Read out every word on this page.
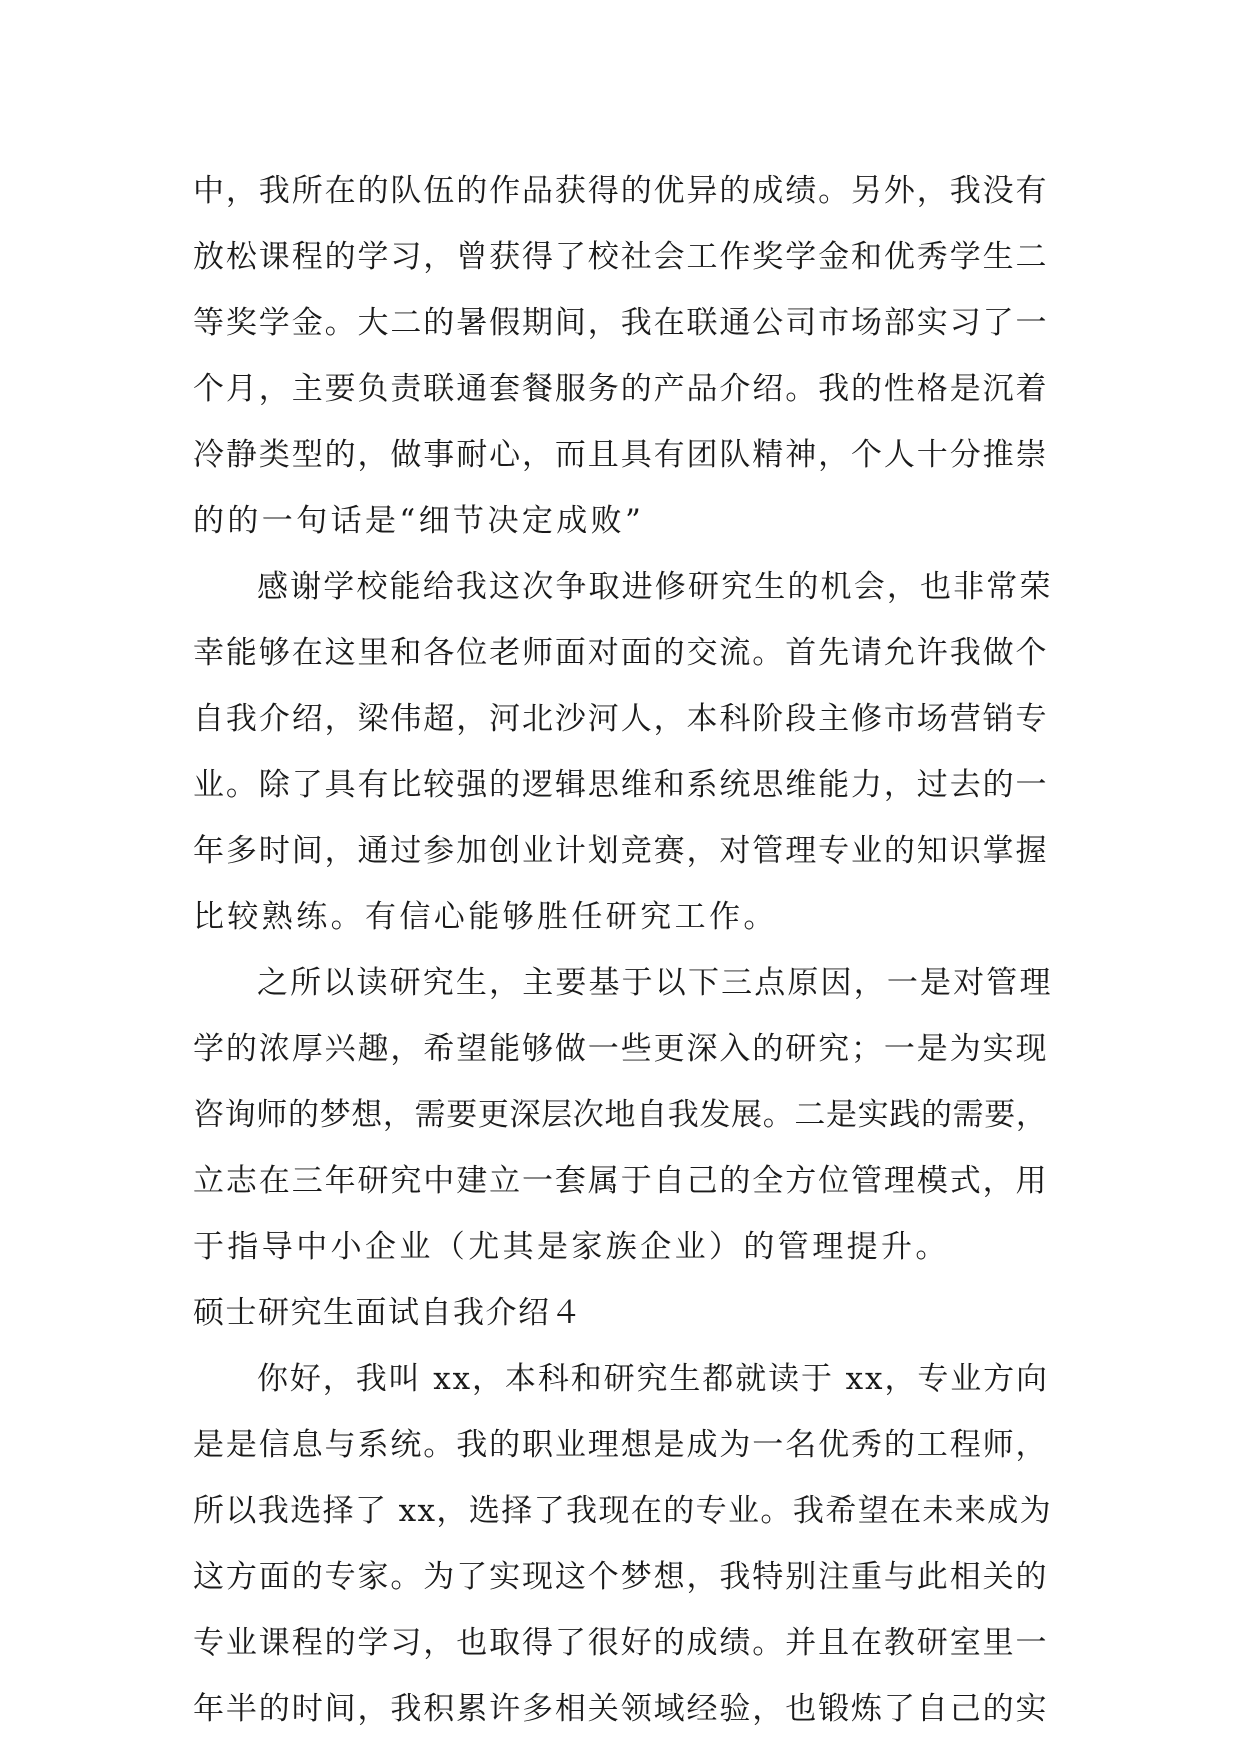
中，我所在的队伍的作品获得的优异的成绩。另外，我没有
放松课程的学习，曾获得了校社会工作奖学金和优秀学生二
等奖学金。大二的暑假期间，我在联通公司市场部实习了一
个月，主要负责联通套餐服务的产品介绍。我的性格是沉着
冷静类型的，做事耐心，而且具有团队精神，个人十分推崇
的的一句话是“细节决定成败”
感谢学校能给我这次争取进修研究生的机会，也非常荣
幸能够在这里和各位老师面对面的交流。首先请允许我做个
自我介绍，梁伟超，河北沙河人，本科阶段主修市场营销专
业。除了具有比较强的逻辑思维和系统思维能力，过去的一
年多时间，通过参加创业计划竞赛，对管理专业的知识掌握
比较熟练。有信心能够胜任研究工作。
之所以读研究生，主要基于以下三点原因，一是对管理
学的浓厚兴趣，希望能够做一些更深入的研究；一是为实现
咨询师的梦想，需要更深层次地自我发展。二是实践的需要，
立志在三年研究中建立一套属于自己的全方位管理模式，用
于指导中小企业（尤其是家族企业）的管理提升。
硕士研究生面试自我介绍４
你好，我叫 xx，本科和研究生都就读于 xx，专业方向
是是信息与系统。我的职业理想是成为一名优秀的工程师，
所以我选择了 xx，选择了我现在的专业。我希望在未来成为
这方面的专家。为了实现这个梦想，我特别注重与此相关的
专业课程的学习，也取得了很好的成绩。并且在教研室里一
年半的时间，我积累许多相关领域经验，也锻炼了自己的实
